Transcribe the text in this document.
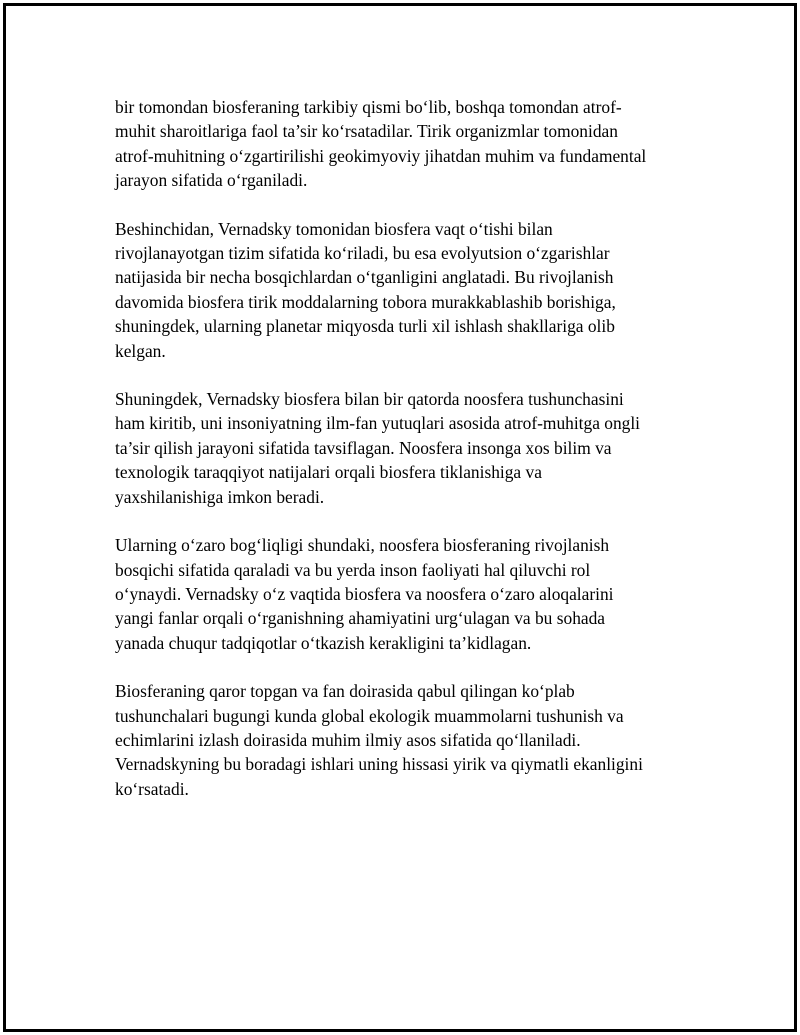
bir tomondan biosferaning tarkibiy qismi bo‘lib, boshqa tomondan atrof-
muhit sharoitlariga faol ta’sir ko‘rsatadilar. Tirik organizmlar tomonidan
atrof-muhitning o‘zgartirilishi geokimyoviy jihatdan muhim va fundamental
jarayon sifatida o‘rganiladi.

Beshinchidan, Vernadsky tomonidan biosfera vaqt o‘tishi bilan
rivojlanayotgan tizim sifatida ko‘riladi, bu esa evolyutsion o‘zgarishlar
natijasida bir necha bosqichlardan o‘tganligini anglatadi. Bu rivojlanish
davomida biosfera tirik moddalarning tobora murakkablashib borishiga,
shuningdek, ularning planetar miqyosda turli xil ishlash shakllariga olib
kelgan.

Shuningdek, Vernadsky biosfera bilan bir qatorda noosfera tushunchasini
ham kiritib, uni insoniyatning ilm-fan yutuqlari asosida atrof-muhitga ongli
ta’sir qilish jarayoni sifatida tavsiflagan. Noosfera insonga xos bilim va
texnologik taraqqiyot natijalari orqali biosfera tiklanishiga va
yaxshilanishiga imkon beradi.

Ularning o‘zaro bog‘liqligi shundaki, noosfera biosferaning rivojlanish
bosqichi sifatida qaraladi va bu yerda inson faoliyati hal qiluvchi rol
o‘ynaydi. Vernadsky o‘z vaqtida biosfera va noosfera o‘zaro aloqalarini
yangi fanlar orqali o‘rganishning ahamiyatini urg‘ulagan va bu sohada
yanada chuqur tadqiqotlar o‘tkazish kerakligini ta’kidlagan.

Biosferaning qaror topgan va fan doirasida qabul qilingan ko‘plab
tushunchalari bugungi kunda global ekologik muammolarni tushunish va
echimlarini izlash doirasida muhim ilmiy asos sifatida qo‘llaniladi.
Vernadskyning bu boradagi ishlari uning hissasi yirik va qiymatli ekanligini
ko‘rsatadi.
